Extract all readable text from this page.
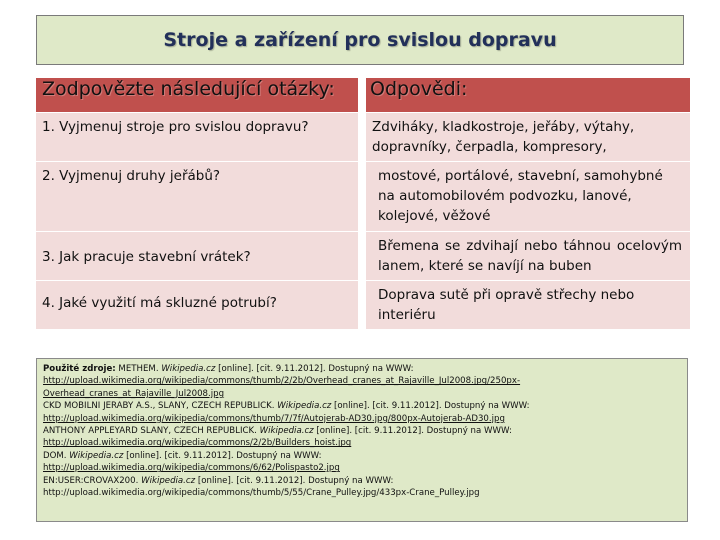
Stroje a zařízení pro svislou dopravu
Zodpovězte následující otázky:	Odpovědi:
1. Vyjmenuj stroje pro svislou dopravu?	Zdviháky, kladkostroje, jeřáby, výtahy, dopravníky, čerpadla, kompresory,
2. Vyjmenuj druhy jeřábů?	mostové, portálové, stavební, samohybné na automobilovém podvozku, lanové, kolejové, věžové
3. Jak pracuje stavební vrátek?	Břemena se zdvihají nebo táhnou ocelovým lanem, které se navíjí na buben
4. Jaké využití má skluzné potrubí?	Doprava sutě při opravě střechy nebo interiéru
Použité zdroje: METHEM. Wikipedia.cz [online]. [cit. 9.11.2012]. Dostupný na WWW:
http://upload.wikimedia.org/wikipedia/commons/thumb/2/2b/Overhead_cranes_at_Rajaville_Jul2008.jpg/250px-
Overhead_cranes_at_Rajaville_Jul2008.jpg
CKD MOBILNI JERABY A.S., SLANY, CZECH REPUBLICK. Wikipedia.cz [online]. [cit. 9.11.2012]. Dostupný na WWW:
http://upload.wikimedia.org/wikipedia/commons/thumb/7/7f/Autojerab-AD30.jpg/800px-Autojerab-AD30.jpg
ANTHONY APPLEYARD SLANY, CZECH REPUBLICK. Wikipedia.cz [online]. [cit. 9.11.2012]. Dostupný na WWW:
http://upload.wikimedia.org/wikipedia/commons/2/2b/Builders_hoist.jpg
DOM. Wikipedia.cz [online]. [cit. 9.11.2012]. Dostupný na WWW:
http://upload.wikimedia.org/wikipedia/commons/6/62/Polispasto2.jpg
EN:USER:CROVAX200. Wikipedia.cz [online]. [cit. 9.11.2012]. Dostupný na WWW:
http://upload.wikimedia.org/wikipedia/commons/thumb/5/55/Crane_Pulley.jpg/433px-Crane_Pulley.jpg
